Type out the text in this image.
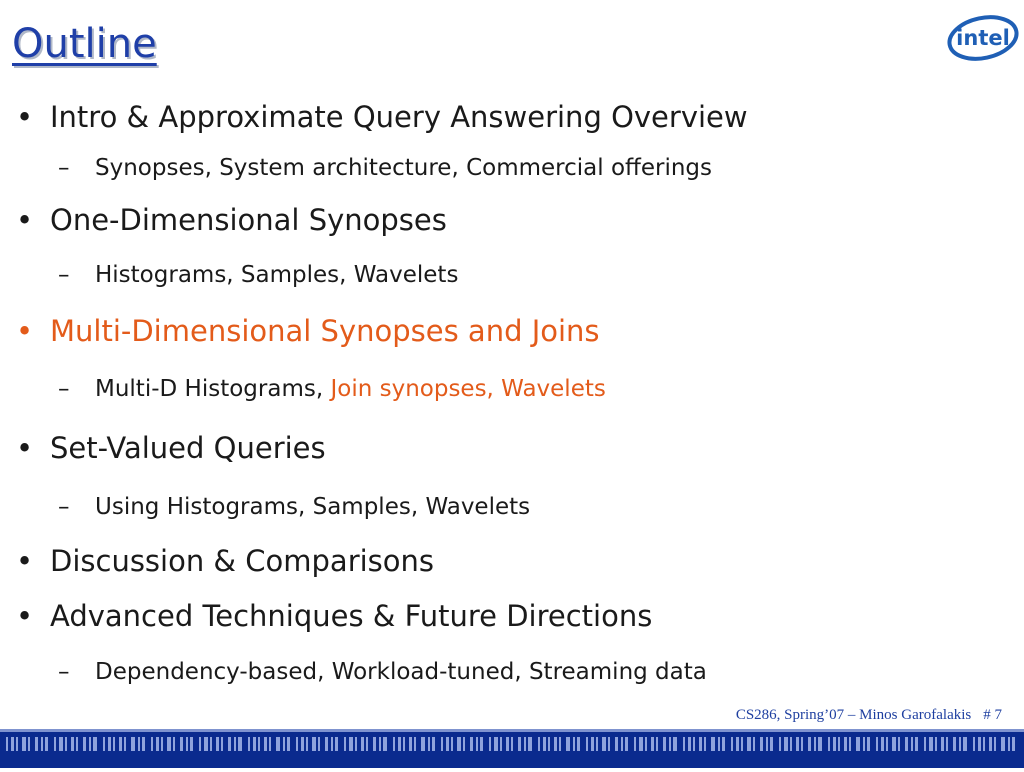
Outline	intel
• Intro & Approximate Query Answering Overview
– Synopses, System architecture, Commercial offerings
• One-Dimensional Synopses
– Histograms, Samples, Wavelets
• Multi-Dimensional Synopses and Joins
– Multi-D Histograms, Join synopses, Wavelets
• Set-Valued Queries
– Using Histograms, Samples, Wavelets
• Discussion & Comparisons
• Advanced Techniques & Future Directions
– Dependency-based, Workload-tuned, Streaming data
CS286, Spring’07 – Minos Garofalakis # 7
